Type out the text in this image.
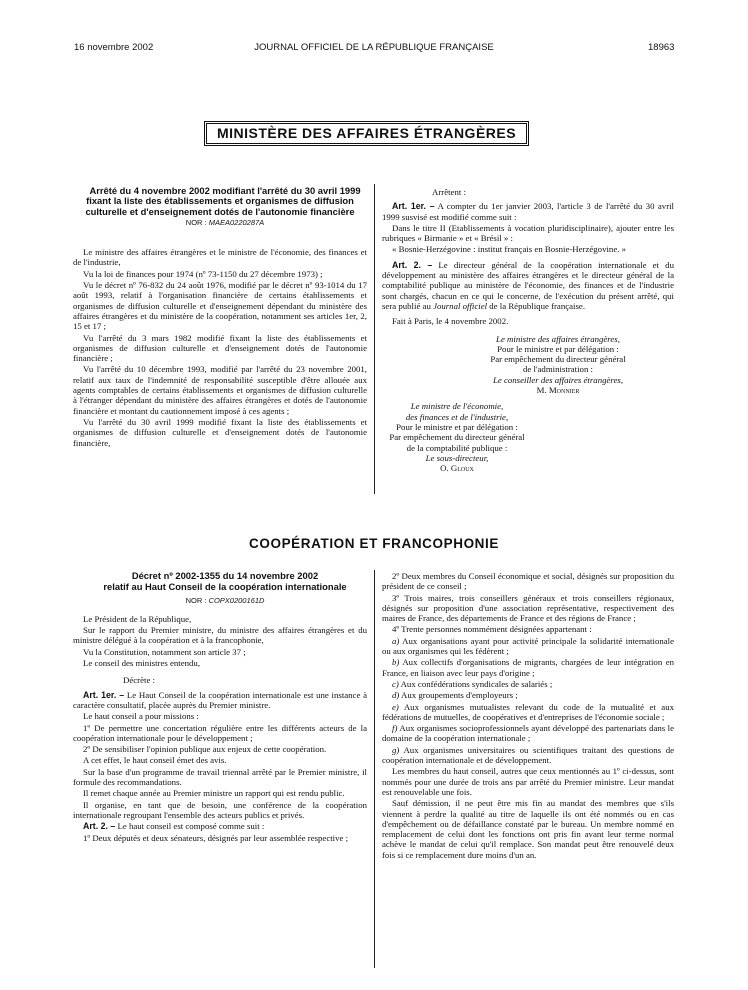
16 novembre 2002	JOURNAL OFFICIEL DE LA RÉPUBLIQUE FRANÇAISE	18963
MINISTÈRE DES AFFAIRES ÉTRANGÈRES

Arrêté du 4 novembre 2002 modifiant l'arrêté du 30 avril 1999 fixant la liste des établissements et organismes de diffusion culturelle et d'enseignement dotés de l'autonomie financière

NOR : MAEA0220287A

Le ministre des affaires étrangères et le ministre de l'économie, des finances et de l'industrie,

Vu la loi de finances pour 1974 (nº 73-1150 du 27 décembre 1973) ;

Vu le décret nº 76-832 du 24 août 1976, modifié par le décret nº 93-1014 du 17 août 1993, relatif à l'organisation financière de certains établissements et organismes de diffusion culturelle et d'enseignement dépendant du ministère des affaires étrangères et du ministère de la coopération, notamment ses articles 1er, 2, 15 et 17 ;

Vu l'arrêté du 3 mars 1982 modifié fixant la liste des établissements et organismes de diffusion culturelle et d'enseignement dotés de l'autonomie financière ;

Vu l'arrêté du 10 décembre 1993, modifié par l'arrêté du 23 novembre 2001, relatif aux taux de l'indemnité de responsabilité susceptible d'être allouée aux agents comptables de certains établissements et organismes de diffusion culturelle à l'étranger dépendant du ministère des affaires étrangères et dotés de l'autonomie financière et montant du cautionnement imposé à ces agents ;

Vu l'arrêté du 30 avril 1999 modifié fixant la liste des établissements et organismes de diffusion culturelle et d'enseignement dotés de l'autonomie financière,

Arrêtent :

Art. 1er. – A compter du 1er janvier 2003, l'article 3 de l'arrêté du 30 avril 1999 susvisé est modifié comme suit :

Dans le titre II (Etablissements à vocation pluridisciplinaire), ajouter entre les rubriques « Birmanie » et « Brésil » :

« Bosnie-Herzégovine : institut français en Bosnie-Herzégovine. »

Art. 2. – Le directeur général de la coopération internationale et du développement au ministère des affaires étrangères et le directeur général de la comptabilité publique au ministère de l'économie, des finances et de l'industrie sont chargés, chacun en ce qui le concerne, de l'exécution du présent arrêté, qui sera publié au Journal officiel de la République française.

Fait à Paris, le 4 novembre 2002.

Le ministre des affaires étrangères,

Pour le ministre et par délégation :

Par empêchement du directeur général

de l'administration :

Le conseiller des affaires étrangères,

M. Monnier

Le ministre de l'économie,

des finances et de l'industrie,

Pour le ministre et par délégation :

Par empêchement du directeur général

de la comptabilité publique :

Le sous-directeur,

O. Gloux

COOPÉRATION ET FRANCOPHONIE

Décret nº 2002-1355 du 14 novembre 2002

relatif au Haut Conseil de la coopération internationale

NOR : COPX0200161D

Le Président de la République,

Sur le rapport du Premier ministre, du ministre des affaires étrangères et du ministre délégué à la coopération et à la francophonie,

Vu la Constitution, notamment son article 37 ;

Le conseil des ministres entendu,

Décrète :

Art. 1er. – Le Haut Conseil de la coopération internationale est une instance à caractère consultatif, placée auprès du Premier ministre.

Le haut conseil a pour missions :

1º De permettre une concertation régulière entre les différents acteurs de la coopération internationale pour le développement ;

2º De sensibiliser l'opinion publique aux enjeux de cette coopération.

A cet effet, le haut conseil émet des avis.

Sur la base d'un programme de travail triennal arrêté par le Premier ministre, il formule des recommandations.

Il remet chaque année au Premier ministre un rapport qui est rendu public.

Il organise, en tant que de besoin, une conférence de la coopération internationale regroupant l'ensemble des acteurs publics et privés.

Art. 2. – Le haut conseil est composé comme suit :

1º Deux députés et deux sénateurs, désignés par leur assemblée respective ;

2º Deux membres du Conseil économique et social, désignés sur proposition du président de ce conseil ;

3º Trois maires, trois conseillers généraux et trois conseillers régionaux, désignés sur proposition d'une association représentative, respectivement des maires de France, des départements de France et des régions de France ;

4º Trente personnes nommément désignées appartenant :

a) Aux organisations ayant pour activité principale la solidarité internationale ou aux organismes qui les fédèrent ;

b) Aux collectifs d'organisations de migrants, chargées de leur intégration en France, en liaison avec leur pays d'origine ;

c) Aux confédérations syndicales de salariés ;

d) Aux groupements d'employeurs ;

e) Aux organismes mutualistes relevant du code de la mutualité et aux fédérations de mutuelles, de coopératives et d'entreprises de l'économie sociale ;

f) Aux organismes socioprofessionnels ayant développé des partenariats dans le domaine de la coopération internationale ;

g) Aux organismes universitaires ou scientifiques traitant des questions de coopération internationale et de développement.

Les membres du haut conseil, autres que ceux mentionnés au 1º ci-dessus, sont nommés pour une durée de trois ans par arrêté du Premier ministre. Leur mandat est renouvelable une fois.

Sauf démission, il ne peut être mis fin au mandat des membres que s'ils viennent à perdre la qualité au titre de laquelle ils ont été nommés ou en cas d'empêchement ou de défaillance constaté par le bureau. Un membre nommé en remplacement de celui dont les fonctions ont pris fin avant leur terme normal achève le mandat de celui qu'il remplace. Son mandat peut être renouvelé deux fois si ce remplacement dure moins d'un an.
